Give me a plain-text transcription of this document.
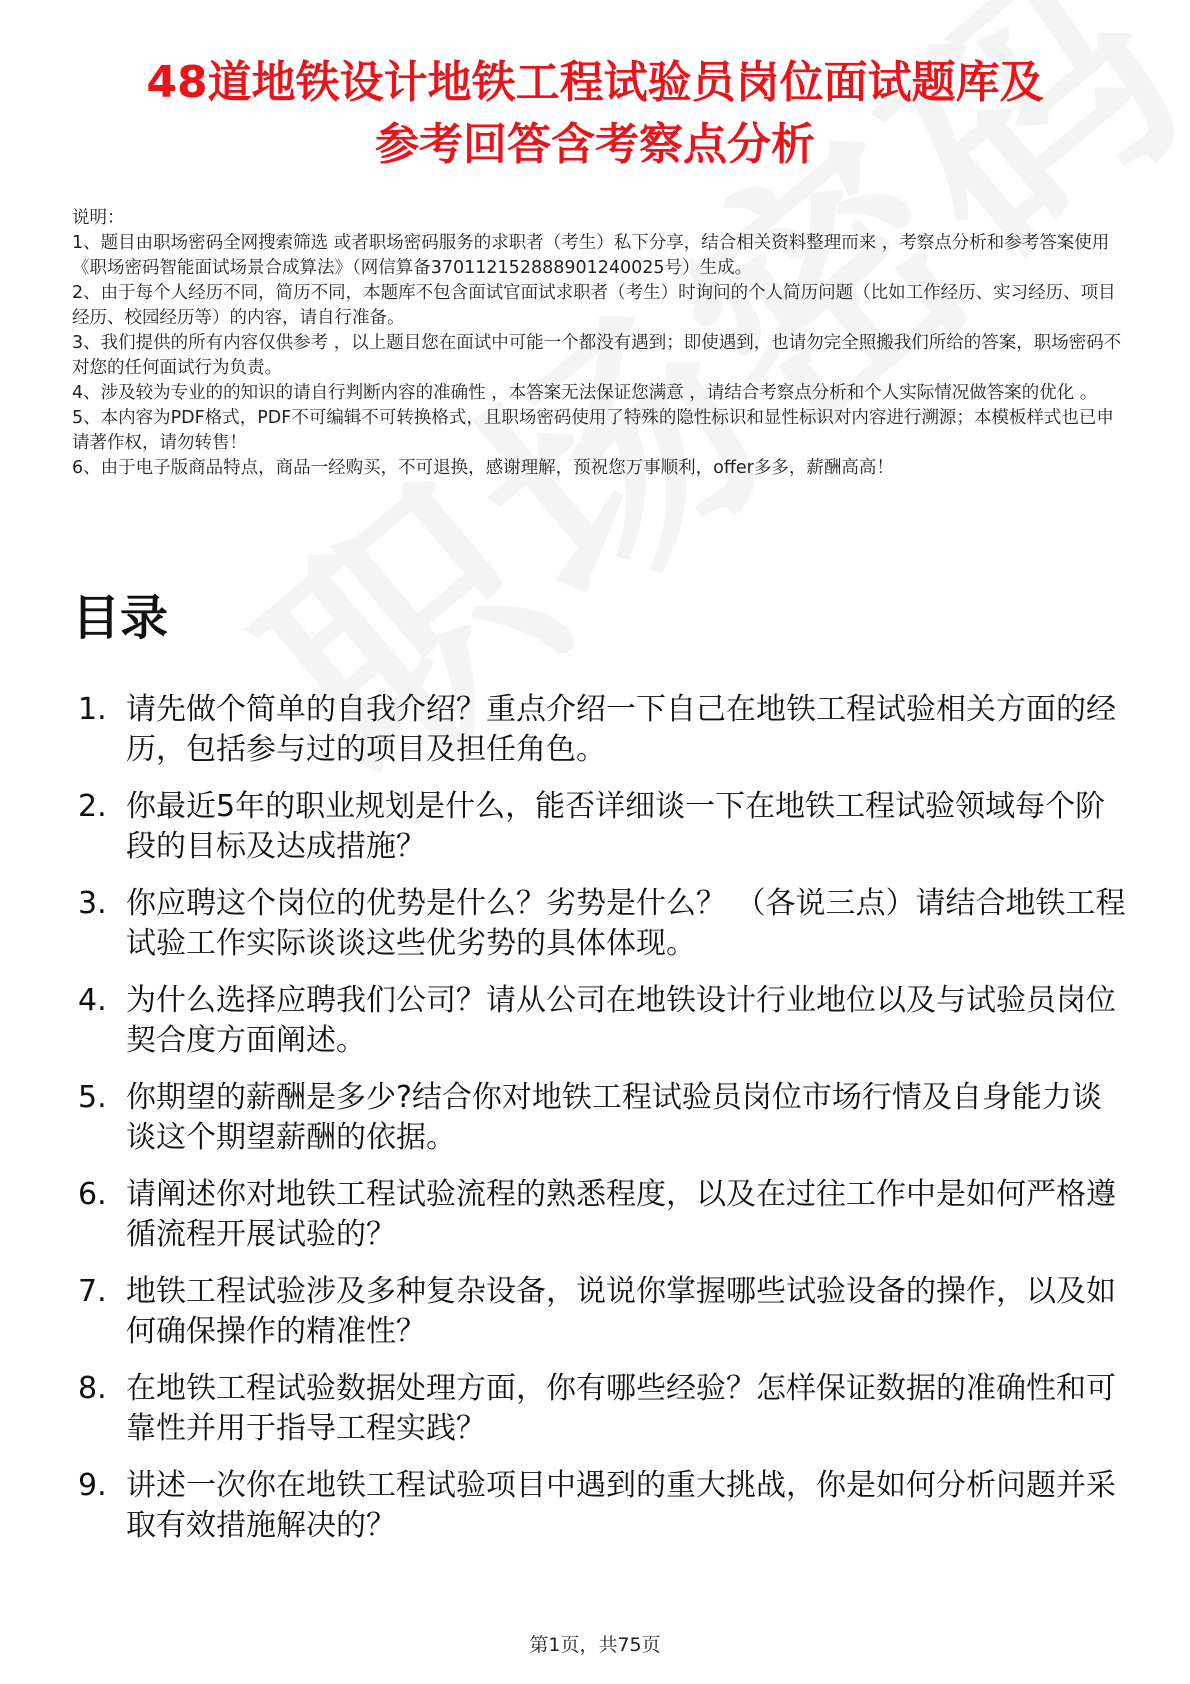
48道地铁设计地铁工程试验员岗位面试题库及
参考回答含考察点分析

说明：

1、题目由职场密码全网搜索筛选 或者职场密码服务的求职者（考生）私下分享，结合相关资料整理而来 ，考察点分析和参考答案使用《职场密码智能面试场景合成算法》（网信算备370112152888901240025号）生成。

2、由于每个人经历不同，简历不同，本题库不包含面试官面试求职者（考生）时询问的个人简历问题（比如工作经历、实习经历、项目经历、校园经历等）的内容，请自行准备。

3、我们提供的所有内容仅供参考 ，以上题目您在面试中可能一个都没有遇到；即使遇到，也请勿完全照搬我们所给的答案，职场密码不对您的任何面试行为负责。

4、涉及较为专业的的知识的请自行判断内容的准确性 ，本答案无法保证您满意 ，请结合考察点分析和个人实际情况做答案的优化 。

5、本内容为PDF格式，PDF不可编辑不可转换格式，且职场密码使用了特殊的隐性标识和显性标识对内容进行溯源；本模板样式也已申请著作权，请勿转售！

6、由于电子版商品特点，商品一经购买，不可退换，感谢理解，预祝您万事顺利，offer多多，薪酬高高！

目录
1. 请先做个简单的自我介绍？重点介绍一下自己在地铁工程试验相关方面的经历，包括参与过的项目及担任角色。
2. 你最近5年的职业规划是什么，能否详细谈一下在地铁工程试验领域每个阶段的目标及达成措施？
3. 你应聘这个岗位的优势是什么？劣势是什么？ （各说三点）请结合地铁工程试验工作实际谈谈这些优劣势的具体体现。
4. 为什么选择应聘我们公司？请从公司在地铁设计行业地位以及与试验员岗位契合度方面阐述。
5. 你期望的薪酬是多少?结合你对地铁工程试验员岗位市场行情及自身能力谈谈这个期望薪酬的依据。
6. 请阐述你对地铁工程试验流程的熟悉程度，以及在过往工作中是如何严格遵循流程开展试验的？
7. 地铁工程试验涉及多种复杂设备，说说你掌握哪些试验设备的操作，以及如何确保操作的精准性？
8. 在地铁工程试验数据处理方面，你有哪些经验？怎样保证数据的准确性和可靠性并用于指导工程实践？
9. 讲述一次你在地铁工程试验项目中遇到的重大挑战，你是如何分析问题并采取有效措施解决的？
第1页，共75页
